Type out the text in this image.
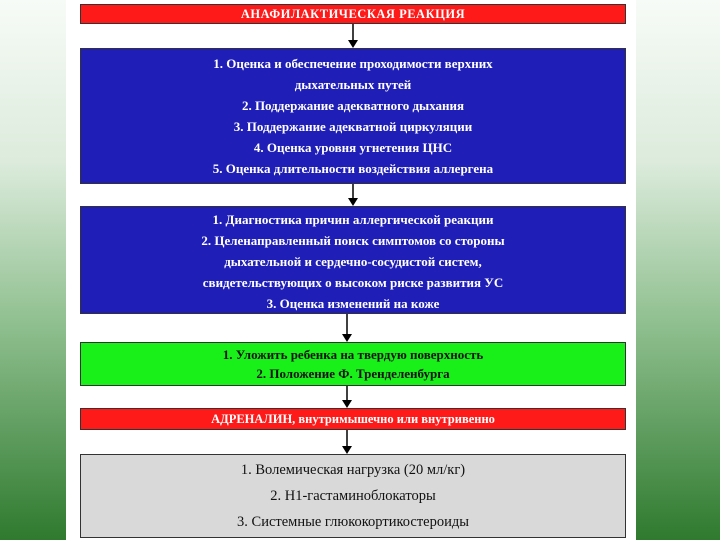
АНАФИЛАКТИЧЕСКАЯ РЕАКЦИЯ
1. Оценка и обеспечение проходимости верхних
дыхательных путей
2. Поддержание адекватного дыхания
3. Поддержание адекватной циркуляции
4. Оценка уровня угнетения ЦНС
5. Оценка длительности воздействия аллергена
1. Диагностика причин аллергической реакции
2. Целенаправленный поиск симптомов со стороны
дыхательной и сердечно-сосудистой систем,
свидетельствующих о высоком риске развития УС
3. Оценка изменений на коже
1. Уложить ребенка на твердую поверхность
2. Положение Ф. Тренделенбурга
АДРЕНАЛИН, внутримышечно или внутривенно
1. Волемическая нагрузка (20 мл/кг)
2. H1-гастаминоблокаторы
3. Системные глюкокортикостероиды
